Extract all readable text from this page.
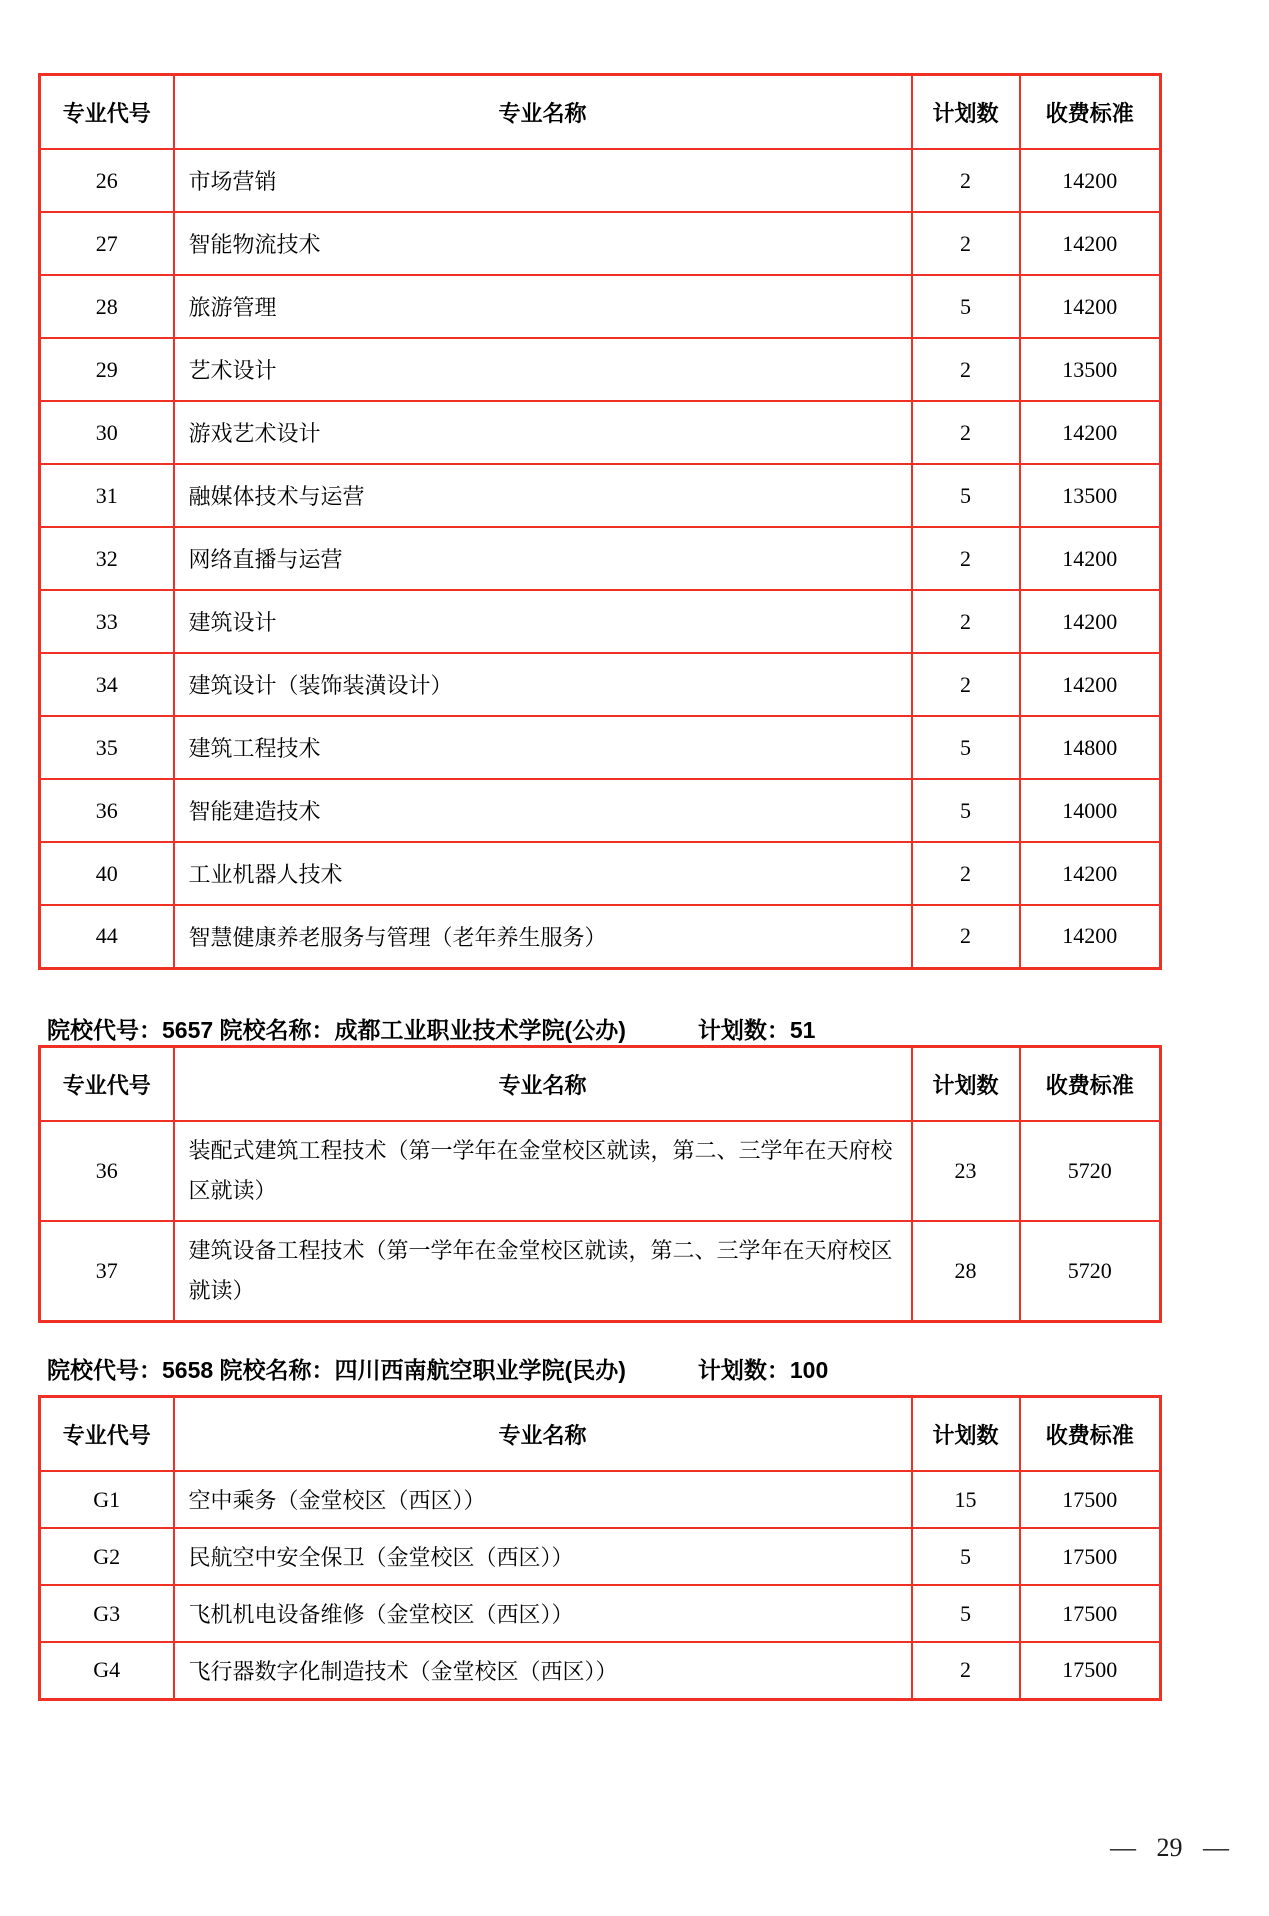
专业代号	专业名称	计划数	收费标准
26	市场营销	2	14200
27	智能物流技术	2	14200
28	旅游管理	5	14200
29	艺术设计	2	13500
30	游戏艺术设计	2	14200
31	融媒体技术与运营	5	13500
32	网络直播与运营	2	14200
33	建筑设计	2	14200
34	建筑设计（装饰装潢设计）	2	14200
35	建筑工程技术	5	14800
36	智能建造技术	5	14000
40	工业机器人技术	2	14200
44	智慧健康养老服务与管理（老年养生服务）	2	14200
院校代号：5657 院校名称：成都工业职业技术学院(公办)	计划数：51
专业代号	专业名称	计划数	收费标准
36	装配式建筑工程技术（第一学年在金堂校区就读，第二、三学年在天府校区就读）	23	5720
37	建筑设备工程技术（第一学年在金堂校区就读，第二、三学年在天府校区就读）	28	5720
院校代号：5658 院校名称：四川西南航空职业学院(民办)	计划数：100
专业代号	专业名称	计划数	收费标准
G1	空中乘务（金堂校区（西区））	15	17500
G2	民航空中安全保卫（金堂校区（西区））	5	17500
G3	飞机机电设备维修（金堂校区（西区））	5	17500
G4	飞行器数字化制造技术（金堂校区（西区））	2	17500
— 29 —
